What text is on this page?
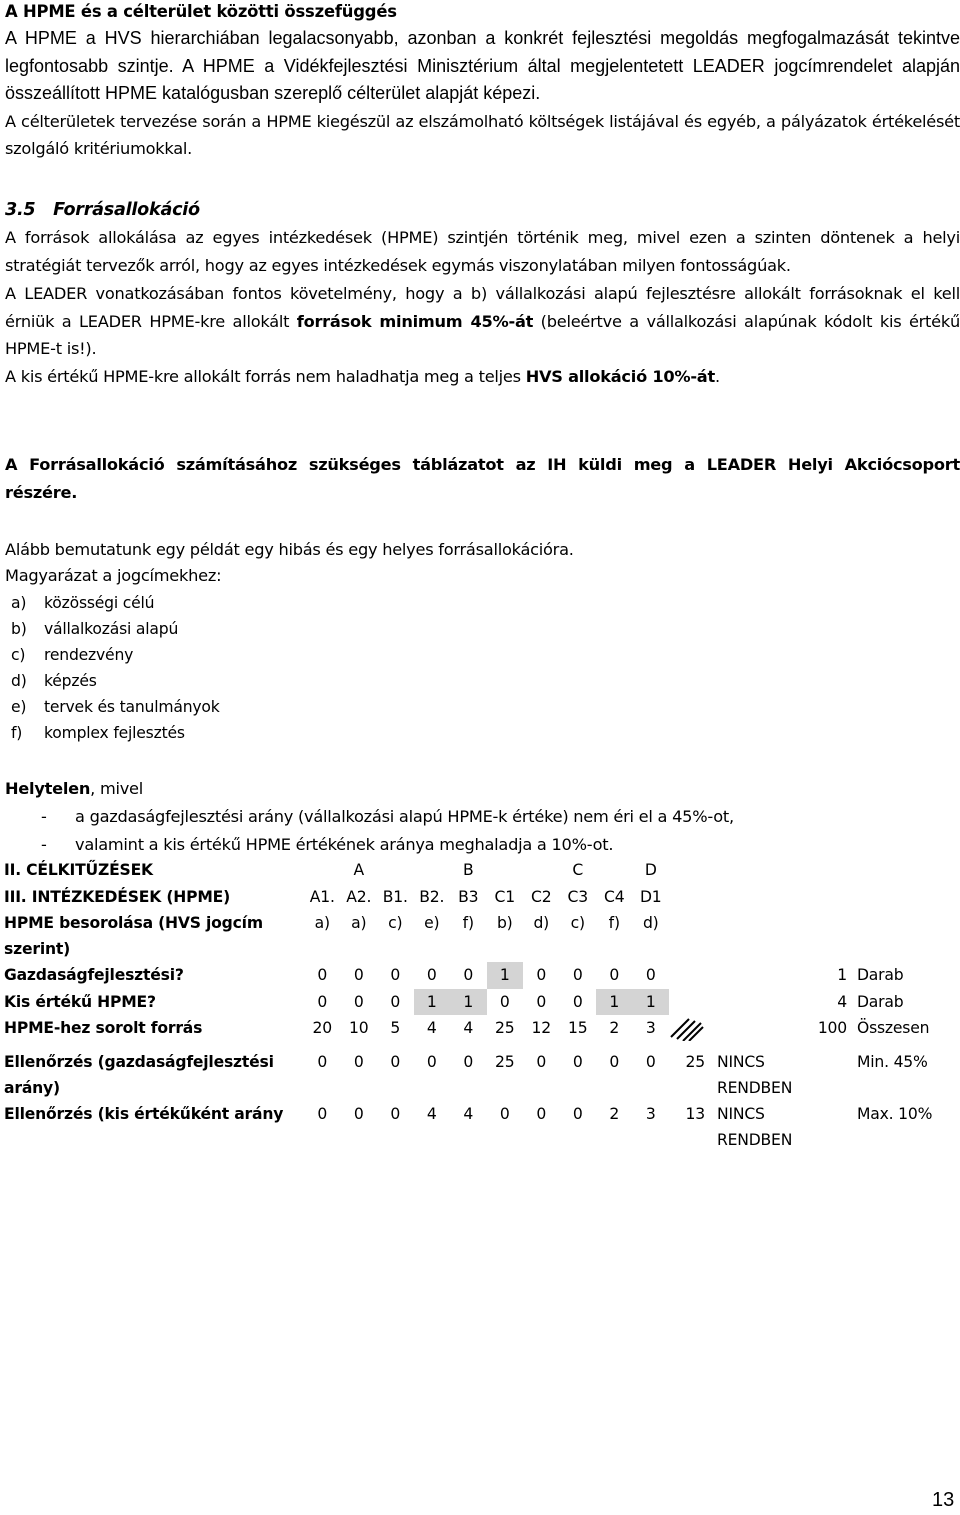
A HPME és a célterület közötti összefüggés

A HPME a HVS hierarchiában legalacsonyabb, azonban a konkrét fejlesztési megoldás megfogalmazását tekintve legfontosabb szintje. A HPME a Vidékfejlesztési Minisztérium által megjelentetett LEADER jogcímrendelet alapján összeállított HPME katalógusban szereplő célterület alapját képezi.

A célterületek tervezése során a HPME kiegészül az elszámolható költségek listájával és egyéb, a pályázatok értékelését szolgáló kritériumokkal.

3.5 Forrásallokáció

A források allokálása az egyes intézkedések (HPME) szintjén történik meg, mivel ezen a szinten döntenek a helyi stratégiát tervezők arról, hogy az egyes intézkedések egymás viszonylatában milyen fontosságúak.

A LEADER vonatkozásában fontos követelmény, hogy a b) vállalkozási alapú fejlesztésre allokált forrásoknak el kell érniük a LEADER HPME-kre allokált források minimum 45%-át (beleértve a vállalkozási alapúnak kódolt kis értékű HPME-t is!).

A kis értékű HPME-kre allokált forrás nem haladhatja meg a teljes HVS allokáció 10%-át.

A Forrásallokáció számításához szükséges táblázatot az IH küldi meg a LEADER Helyi Akciócsoport részére.

Alább bemutatunk egy példát egy hibás és egy helyes forrásallokációra.

Magyarázat a jogcímekhez:

a) közösségi célú
b) vállalkozási alapú
c) rendezvény
d) képzés
e) tervek és tanulmányok
f) komplex fejlesztés

Helytelen, mivel

- a gazdaságfejlesztési arány (vállalkozási alapú HPME-k értéke) nem éri el a 45%-ot,
- valamint a kis értékű HPME értékének aránya meghaladja a 10%-ot.
II. CÉLKITŰZÉSEK		A			B			C		D				
III. INTÉZKEDÉSEK (HPME)	A1.	A2.	B1.	B2.	B3	C1	C2	C3	C4	D1				
HPME besorolása (HVS jogcím szerint)	a)	a)	c)	e)	f)	b)	d)	c)	f)	d)				
Gazdaságfejlesztési?	0	0	0	0	0	1	0	0	0	0			1	Darab
Kis értékű HPME?	0	0	0	1	1	0	0	0	1	1			4	Darab
HPME-hez sorolt forrás	20	10	5	4	4	25	12	15	2	3			100	Összesen
Ellenőrzés (gazdaságfejlesztési arány)	0	0	0	0	0	25	0	0	0	0	25	NINCS RENDBEN		Min. 45%
Ellenőrzés (kis értékűként arány	0	0	0	4	4	0	0	0	2	3	13	NINCS RENDBEN		Max. 10%
13
